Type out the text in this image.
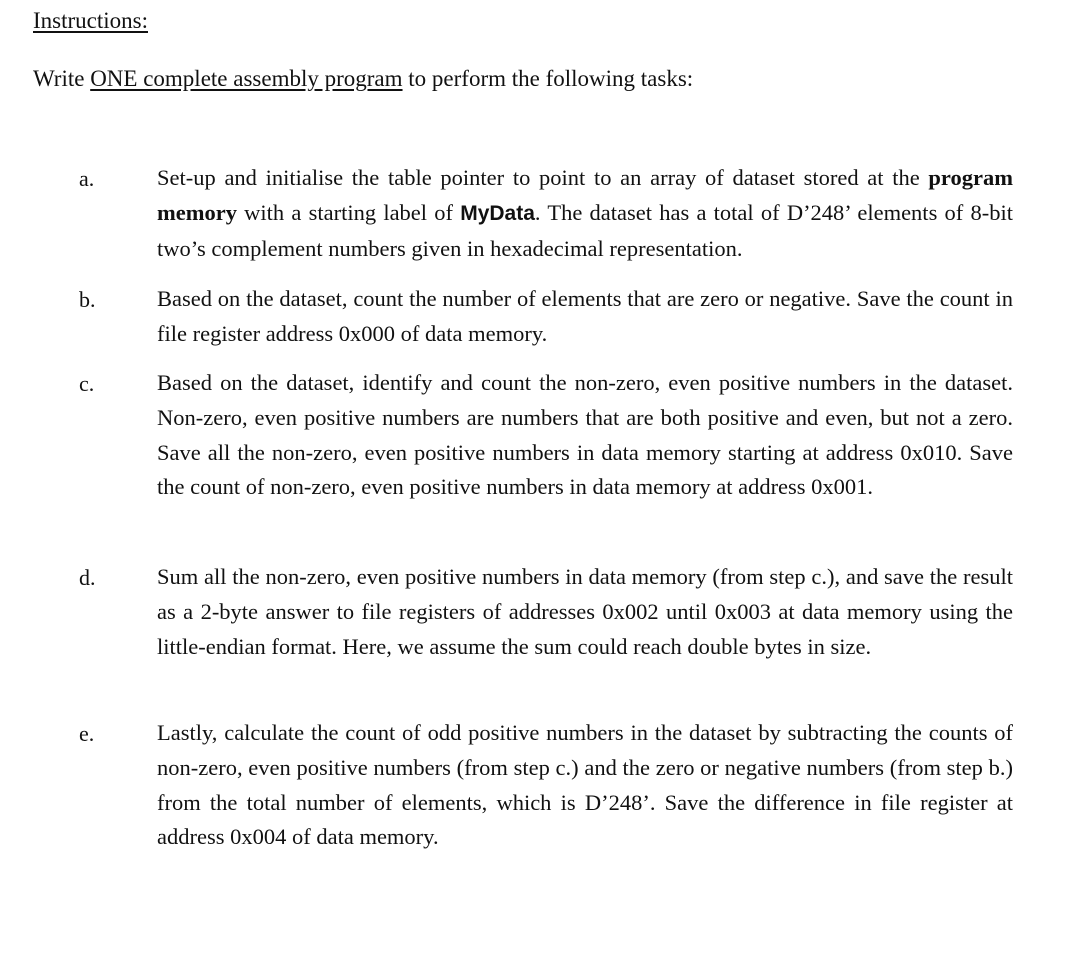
Instructions:
Write ONE complete assembly program to perform the following tasks:
a.	Set-up and initialise the table pointer to point to an array of dataset stored at the program memory with a starting label of MyData. The dataset has a total of D’248’ elements of 8-bit two’s complement numbers given in hexadecimal representation.
b.	Based on the dataset, count the number of elements that are zero or negative. Save the count in file register address 0x000 of data memory.
c.	Based on the dataset, identify and count the non-zero, even positive numbers in the dataset. Non-zero, even positive numbers are numbers that are both positive and even, but not a zero. Save all the non-zero, even positive numbers in data memory starting at address 0x010. Save the count of non-zero, even positive numbers in data memory at address 0x001.
d.	Sum all the non-zero, even positive numbers in data memory (from step c.), and save the result as a 2-byte answer to file registers of addresses 0x002 until 0x003 at data memory using the little-endian format. Here, we assume the sum could reach double bytes in size.
e.	Lastly, calculate the count of odd positive numbers in the dataset by subtracting the counts of non-zero, even positive numbers (from step c.) and the zero or negative numbers (from step b.) from the total number of elements, which is D’248’. Save the difference in file register at address 0x004 of data memory.
